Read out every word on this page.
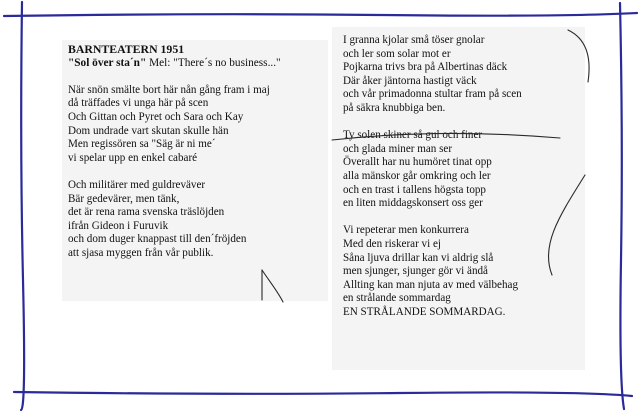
BARNTEATERN 1951
"Sol över sta´n" Mel: "There´s no business..."
När snön smälte bort här nån gång fram i maj
då träffades vi unga här på scen
Och Gittan och Pyret och Sara och Kay
Dom undrade vart skutan skulle hän
Men regissören sa "Säg är ni me´
vi spelar upp en enkel cabaré
Och militärer med guldreväver
Bär gedevärer, men tänk,
det är rena rama svenska träslöjden
ifrån Gideon i Furuvik
och dom duger knappast till den´fröjden
att sjasa myggen från vår publik.
I granna kjolar små töser gnolar
och ler som solar mot er
Pojkarna trivs bra på Albertinas däck
Där åker jäntorna hastigt väck
och vår primadonna stultar fram på scen
på säkra knubbiga ben.
Ty solen skiner så gul och finer
och glada miner man ser
Överallt har nu humöret tinat opp
alla mänskor går omkring och ler
och en trast i tallens högsta topp
en liten middagskonsert oss ger
Vi repeterar men konkurrera
Med den riskerar vi ej
Såna ljuva drillar kan vi aldrig slå
men sjunger, sjunger gör vi ändå
Allting kan man njuta av med välbehag
en strålande sommardag
EN STRÅLANDE SOMMARDAG.
